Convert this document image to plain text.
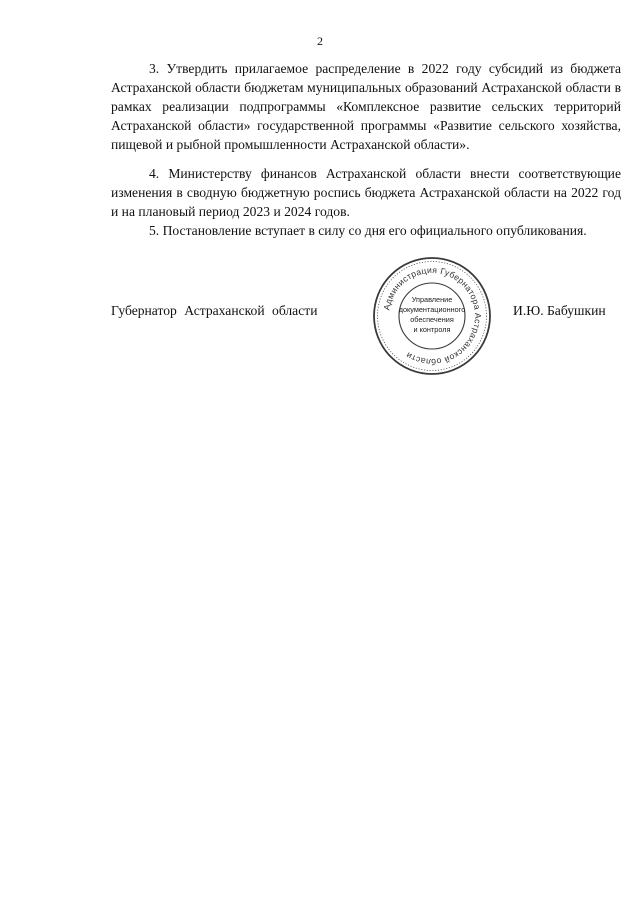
2

3. Утвердить прилагаемое распределение в 2022 году субсидий из бюджета Астраханской области бюджетам муниципальных образований Астраханской области в рамках реализации подпрограммы «Комплексное развитие сельских территорий Астраханской области» государственной программы «Развитие сельского хозяйства, пищевой и рыбной промышленности Астраханской области».

4. Министерству финансов Астраханской области внести соответствующие изменения в сводную бюджетную роспись бюджета Астраханской области на 2022 год и на плановый период 2023 и 2024 годов.

5. Постановление вступает в силу со дня его официального опубликования.

Губернатор Астраханской области	И.Ю. Бабушкин
Администрация Губернатора Астраханской области
Управление
документационного
обеспечения
и контроля
